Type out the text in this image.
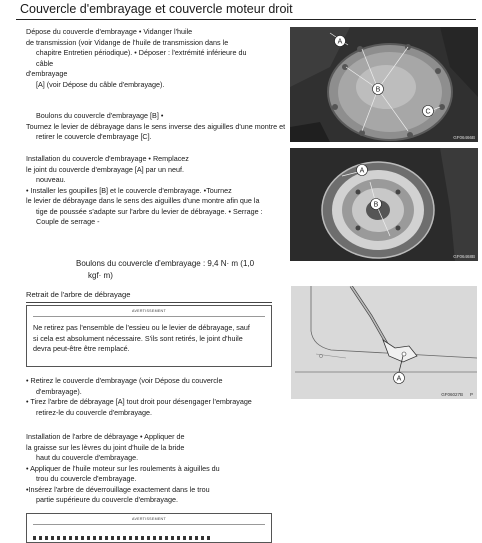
Couvercle d'embrayage et couvercle moteur droit
Dépose du couvercle d'embrayage • Vidanger l'huile
de transmission (voir Vidange de l'huile de transmission dans le
chapitre Entretien périodique). • Déposer : l'extrémité inférieure du
câble
d'embrayage
[A] (voir Dépose du câble d'embrayage).
Boulons du couvercle d'embrayage [B] •
Tournez le levier de débrayage dans le sens inverse des aiguilles d'une montre et
retirer le couvercle d'embrayage [C].
Installation du couvercle d'embrayage • Remplacez
le joint du couvercle d'embrayage [A] par un neuf.
nouveau.
• Installer les goupilles [B] et le couvercle d'embrayage. •Tournez
le levier de débrayage dans le sens des aiguilles d'une montre afin que la
tige de poussée s'adapte sur l'arbre du levier de débrayage. • Serrage :
Couple de serrage -
Boulons du couvercle d'embrayage : 9,4 N· m (1,0
kgf· m)
Retrait de l'arbre de débrayage
AVERTISSEMENT
Ne retirez pas l'ensemble de l'essieu ou le levier de débrayage, sauf
si cela est absolument nécessaire. S'ils sont retirés, le joint d'huile
devra peut-être être remplacé.
• Retirez le couvercle d'embrayage (voir Dépose du couvercle
d'embrayage).
• Tirez l'arbre de débrayage [A] tout droit pour désengager l'embrayage
retirez-le du couvercle d'embrayage.
Installation de l'arbre de débrayage • Appliquer de
la graisse sur les lèvres du joint d'huile de la bride
haut du couvercle d'embrayage.
• Appliquer de l'huile moteur sur les roulements à aiguilles du
trou du couvercle d'embrayage.
•Insérez l'arbre de déverrouillage exactement dans le trou
partie supérieure du couvercle d'embrayage.
AVERTISSEMENT
A
B
C
GF06466B
A
B
GF06468B
A
GF06027B P
